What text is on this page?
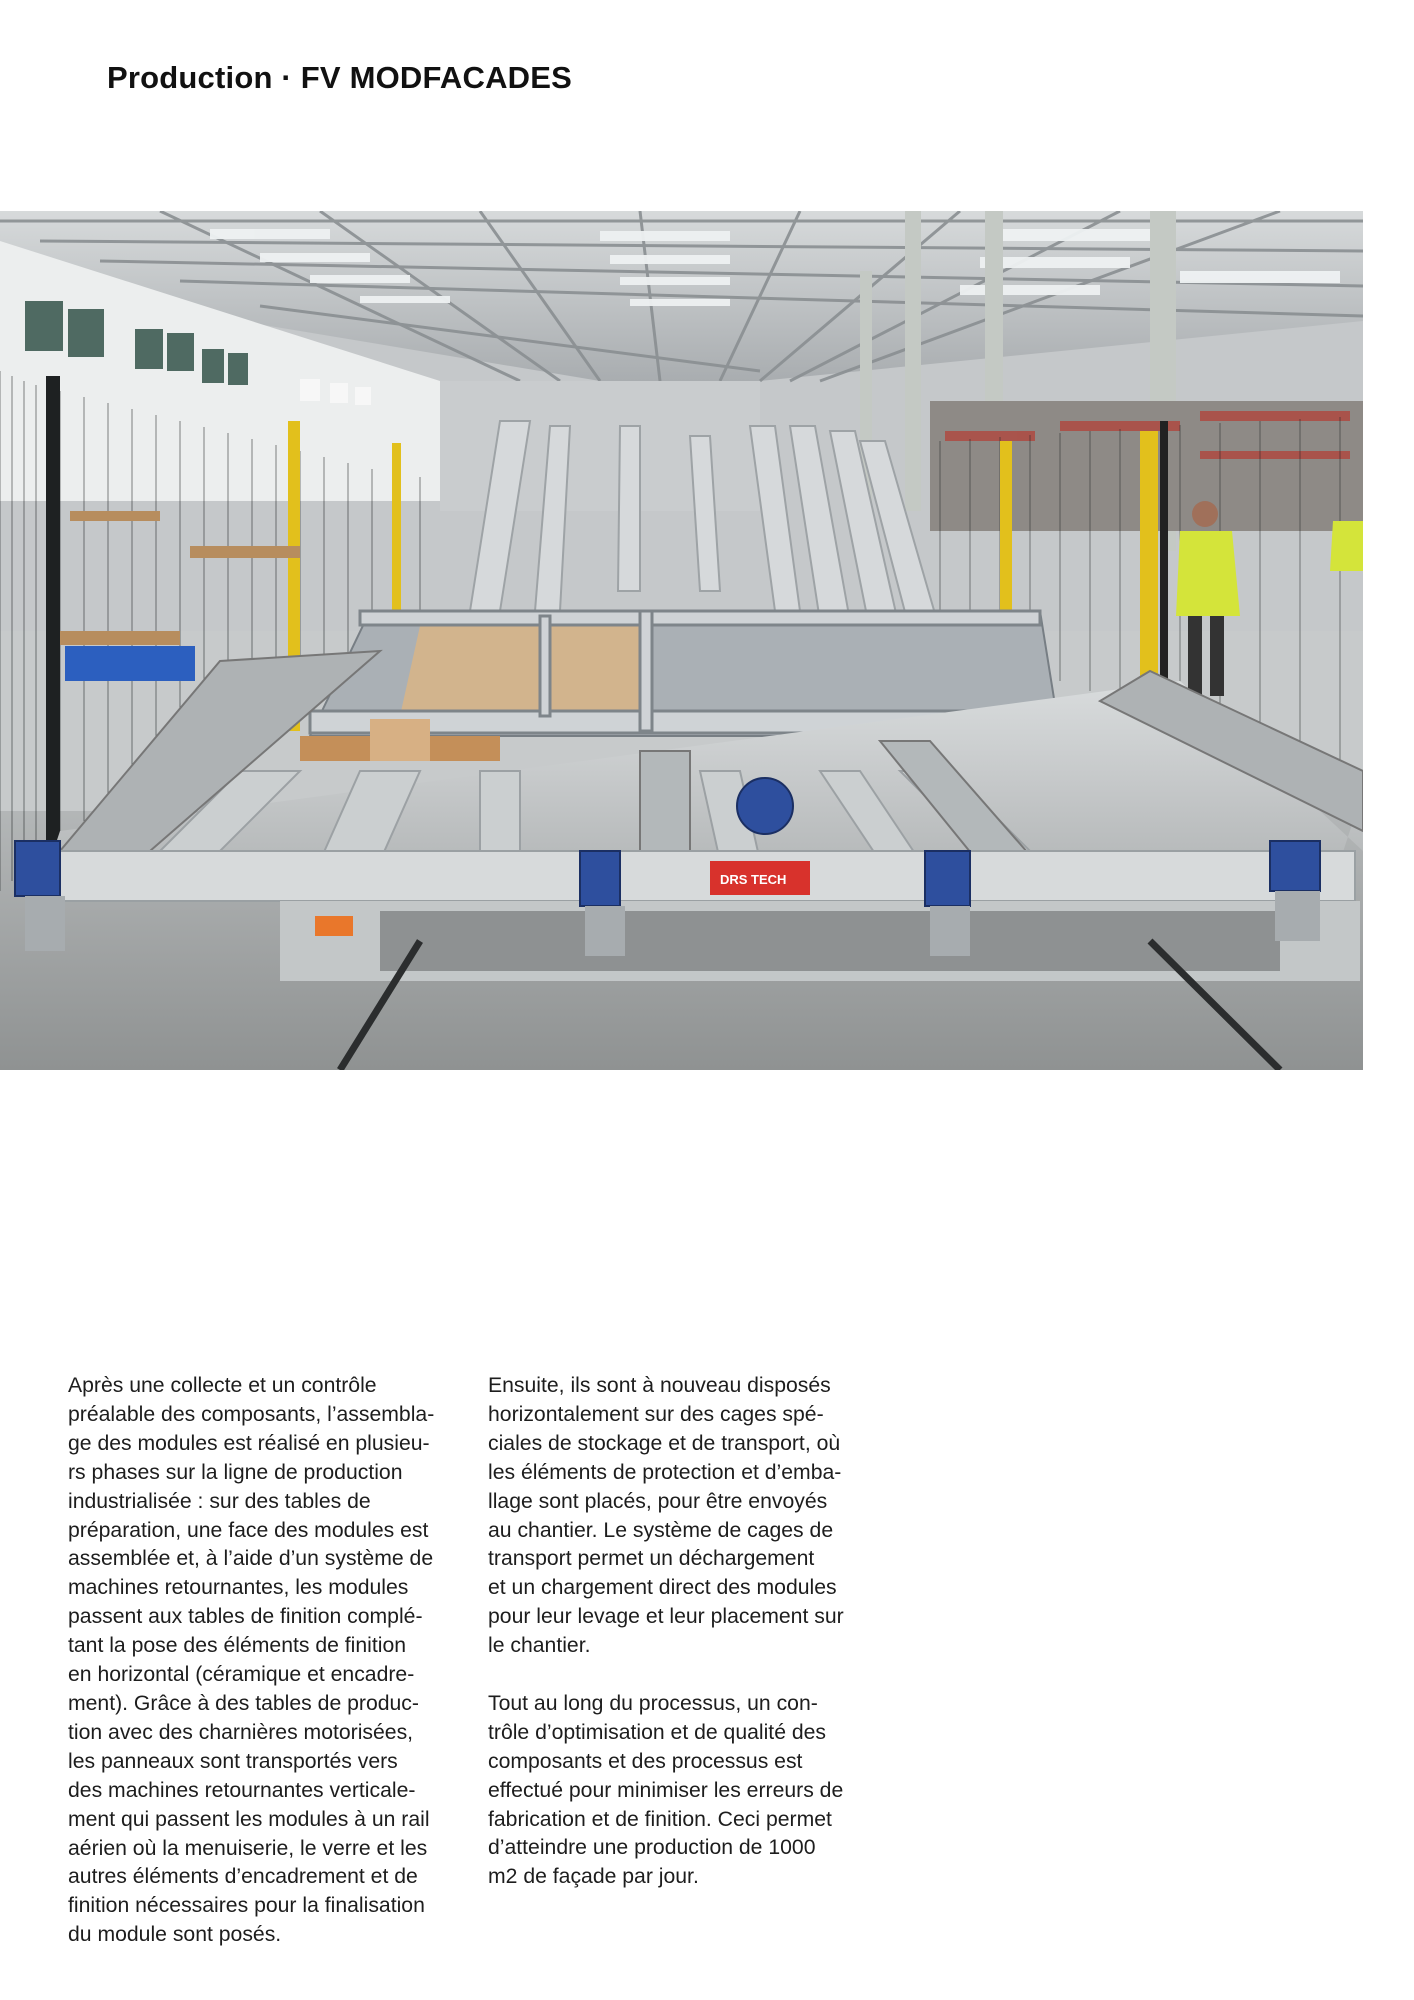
Production · FV MODFACADES
DRS TECH
Après une collecte et un contrôle
préalable des composants, l’assembla-
ge des modules est réalisé en plusieu-
rs phases sur la ligne de production
industrialisée : sur des tables de
préparation, une face des modules est
assemblée et, à l’aide d’un système de
machines retournantes, les modules
passent aux tables de finition complé-
tant la pose des éléments de finition
en horizontal (céramique et encadre-
ment). Grâce à des tables de produc-
tion avec des charnières motorisées,
les panneaux sont transportés vers
des machines retournantes verticale-
ment qui passent les modules à un rail
aérien où la menuiserie, le verre et les
autres éléments d’encadrement et de
finition nécessaires pour la finalisation
du module sont posés.
Ensuite, ils sont à nouveau disposés
horizontalement sur des cages spé-
ciales de stockage et de transport, où
les éléments de protection et d’emba-
llage sont placés, pour être envoyés
au chantier. Le système de cages de
transport permet un déchargement
et un chargement direct des modules
pour leur levage et leur placement sur
le chantier.
Tout au long du processus, un con-
trôle d’optimisation et de qualité des
composants et des processus est
effectué pour minimiser les erreurs de
fabrication et de finition. Ceci permet
d’atteindre une production de 1000
m2 de façade par jour.
